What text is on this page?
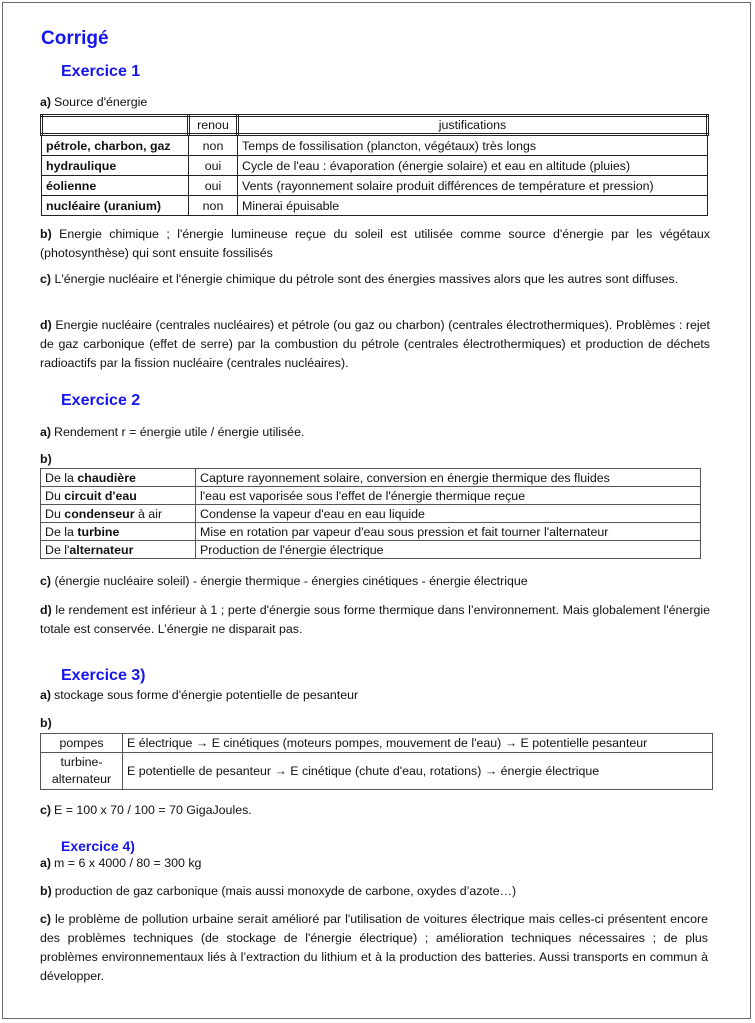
Corrigé
Exercice 1
a) Source d'énergie
	renou	justifications
pétrole, charbon, gaz	non	Temps de fossilisation (plancton, végétaux) très longs
hydraulique	oui	Cycle de l'eau : évaporation (énergie solaire) et eau en altitude (pluies)
éolienne	oui	Vents (rayonnement solaire produit différences de température et pression)
nucléaire (uranium)	non	Minerai épuisable
b) Energie chimique ; l'énergie lumineuse reçue du soleil est utilisée comme source d'énergie par les végétaux (photosynthèse) qui sont ensuite fossilisés
c) L'énergie nucléaire et l'énergie chimique du pétrole sont des énergies massives alors que les autres sont diffuses.
d) Energie nucléaire (centrales nucléaires) et pétrole (ou gaz ou charbon) (centrales électrothermiques). Problèmes : rejet de gaz carbonique (effet de serre) par la combustion du pétrole (centrales électrothermiques) et production de déchets radioactifs par la fission nucléaire (centrales nucléaires).
Exercice 2
a) Rendement r = énergie utile / énergie utilisée.
b)
De la chaudière	Capture rayonnement solaire, conversion en énergie thermique des fluides
Du circuit d'eau	l'eau est vaporisée sous l'effet de l'énergie thermique reçue
Du condenseur à air	Condense la vapeur d'eau en eau liquide
De la turbine	Mise en rotation par vapeur d'eau sous pression et fait tourner l'alternateur
De l'alternateur	Production de l'énergie électrique
c) (énergie nucléaire soleil) - énergie thermique - énergies cinétiques - énergie électrique
d) le rendement est inférieur à 1 ; perte d'énergie sous forme thermique dans l’environnement. Mais globalement l'énergie totale est conservée. L’énergie ne disparait pas.
Exercice 3)
a) stockage sous forme d'énergie potentielle de pesanteur
b)
pompes	E électrique → E cinétiques (moteurs pompes, mouvement de l'eau) → E potentielle pesanteur
turbine-
alternateur	E potentielle de pesanteur → E cinétique (chute d'eau, rotations) → énergie électrique
c) E = 100 x 70 / 100 = 70 GigaJoules.
Exercice 4)
a) m = 6 x 4000 / 80 = 300 kg
b) production de gaz carbonique (mais aussi monoxyde de carbone, oxydes d’azote…)
c) le problème de pollution urbaine serait amélioré par l'utilisation de voitures électrique mais celles-ci présentent encore des problèmes techniques (de stockage de l'énergie électrique) ; amélioration techniques nécessaires ; de plus problèmes environnementaux liés à l’extraction du lithium et à la production des batteries. Aussi transports en commun à développer.
